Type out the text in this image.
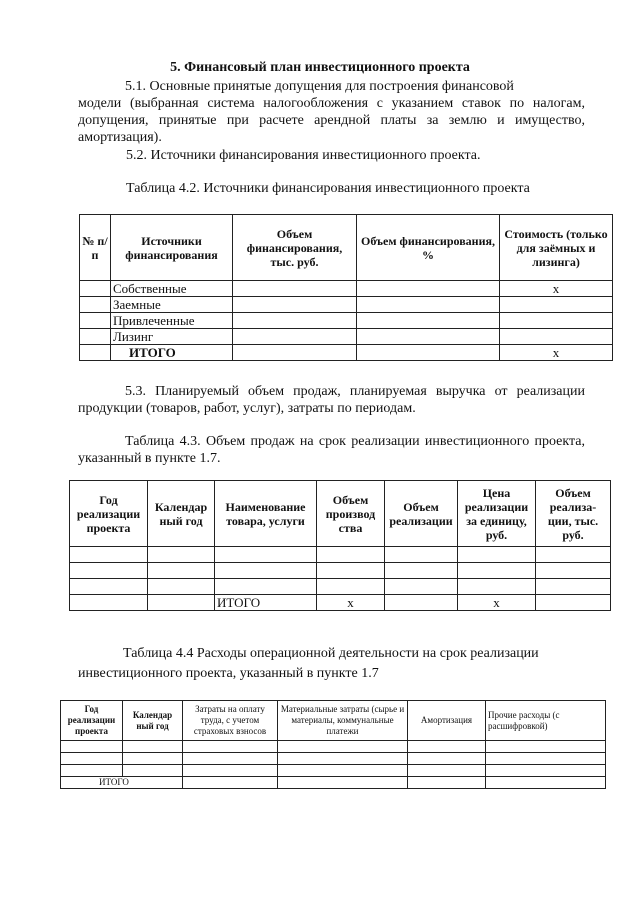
5. Финансовый план инвестиционного проекта
5.1. Основные принятые допущения для построения финансовой
модели (выбранная система налогообложения с указанием ставок по налогам, допущения, принятые при расчете арендной платы за землю и имущество, амортизация).
5.2. Источники финансирования инвестиционного проекта.
Таблица 4.2. Источники финансирования инвестиционного проекта
№ п/п	Источники финансирования	Объем финансирования, тыс. руб.	Объем финансирования, %	Стоимость (только для заёмных и лизинга)
	Собственные			х
	Заемные			
	Привлеченные			
	Лизинг			
	ИТОГО			х
5.3. Планируемый объем продаж, планируемая выручка от реализации продукции (товаров, работ, услуг), затраты по периодам.
Таблица 4.3. Объем продаж на срок реализации инвестиционного проекта, указанный в пункте 1.7.
Год реализации проекта	Календар ный год	Наименование товара, услуги	Объем производ ства	Объем реализации	Цена реализации за единицу, руб.	Объем реализа-ции, тыс. руб.

		ИТОГО	х		х	
Таблица 4.4 Расходы операционной деятельности на срок реализации
инвестиционного проекта, указанный в пункте 1.7
Год реализации проекта	Календар ный год	Затраты на оплату труда, с учетом страховых взносов	Материальные затраты (сырье и материалы, коммунальные платежи	Амортизация	Прочие расходы (с расшифровкой)

ИТОГО					
